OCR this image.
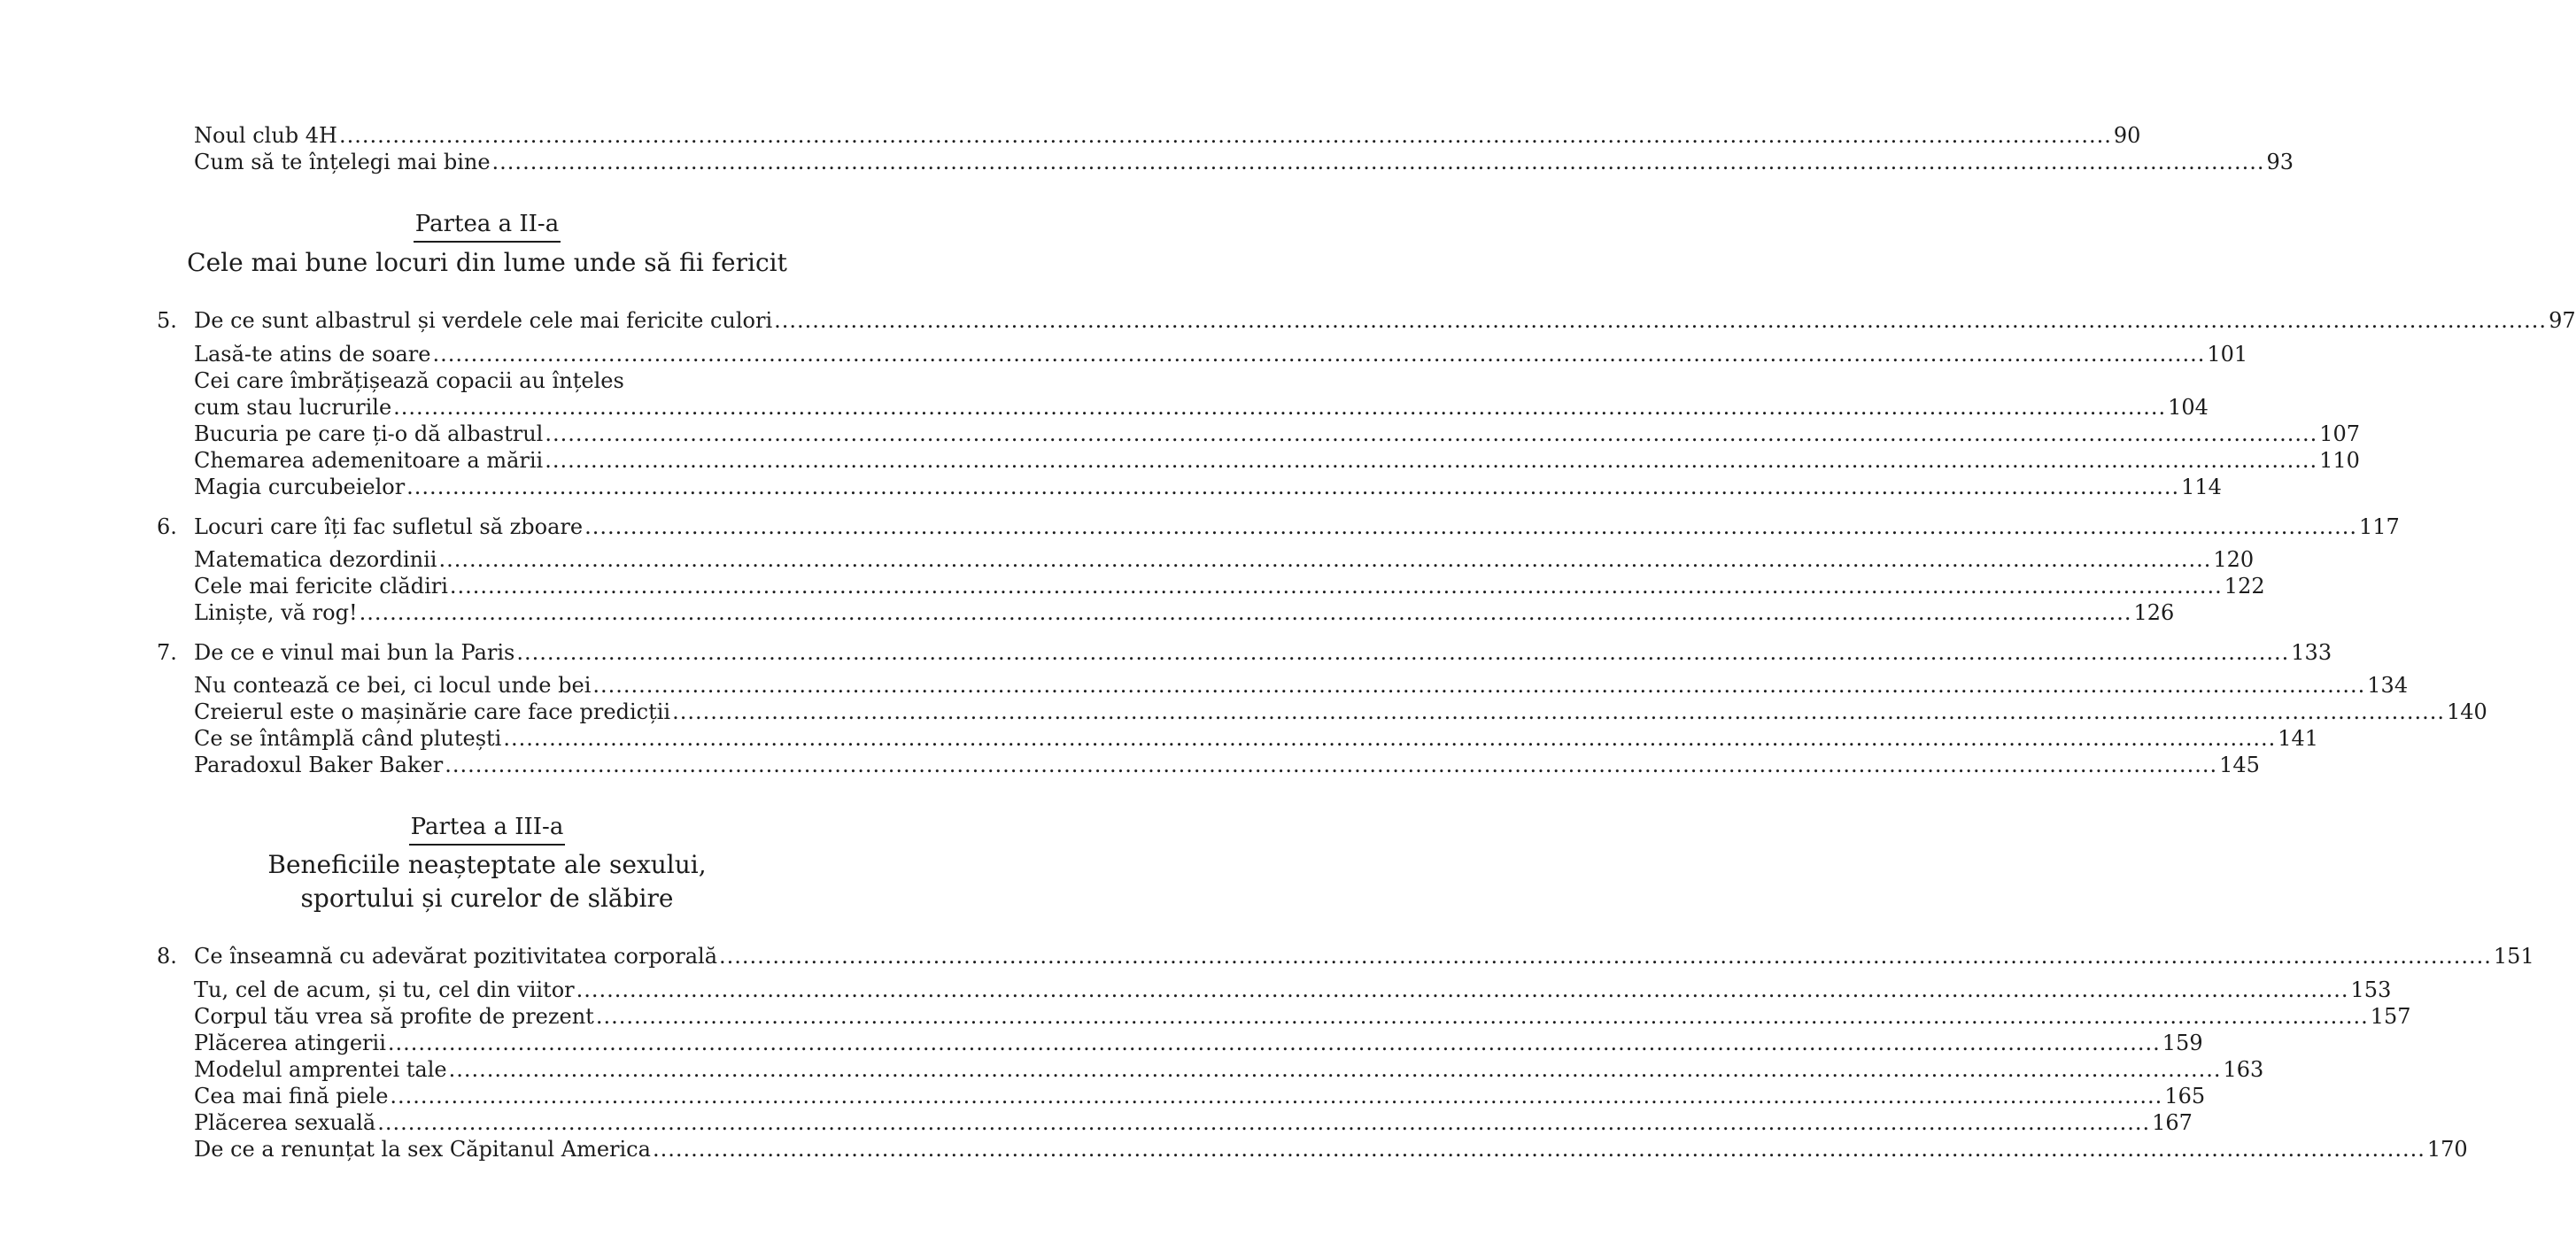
Noul club 4H .....	90
Cum să te înțelegi mai bine .....	93
Partea a II-a
Cele mai bune locuri din lume unde să fii fericit
5. De ce sunt albastrul și verdele cele mai fericite culori .....	97
Lasă-te atins de soare .....	101
Cei care îmbrățișează copacii au înțeles
cum stau lucrurile .....	104
Bucuria pe care ți-o dă albastrul .....	107
Chemarea ademenitoare a mării .....	110
Magia curcubeielor .....	114
6. Locuri care îți fac sufletul să zboare .....	117
Matematica dezordinii .....	120
Cele mai fericite clădiri .....	122
Liniște, vă rog! .....	126
7. De ce e vinul mai bun la Paris .....	133
Nu contează ce bei, ci locul unde bei .....	134
Creierul este o mașinărie care face predicții .....	140
Ce se întâmplă când plutești .....	141
Paradoxul Baker Baker .....	145
Partea a III-a
Beneficiile neașteptate ale sexului,
sportului și curelor de slăbire
8. Ce înseamnă cu adevărat pozitivitatea corporală .....	151
Tu, cel de acum, și tu, cel din viitor .....	153
Corpul tău vrea să profite de prezent .....	157
Plăcerea atingerii .....	159
Modelul amprentei tale .....	163
Cea mai fină piele .....	165
Plăcerea sexuală .....	167
De ce a renunțat la sex Căpitanul America .....	170
